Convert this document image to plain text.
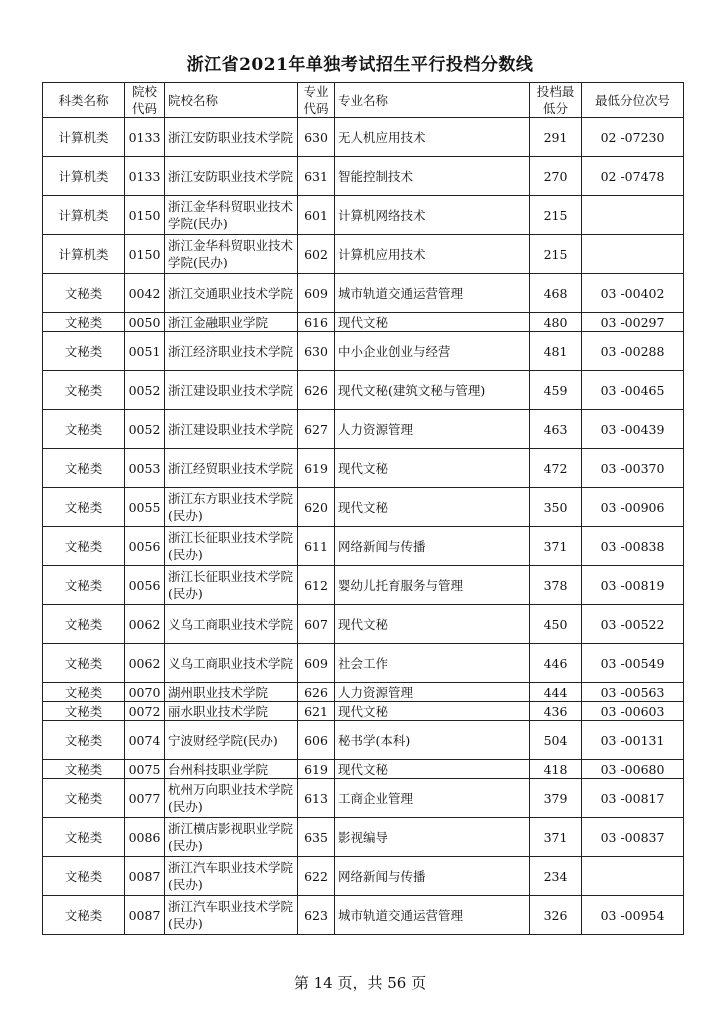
浙江省2021年单独考试招生平行投档分数线
科类名称	院校代码	院校名称	专业代码	专业名称	投档最低分	最低分位次号
计算机类	0133	浙江安防职业技术学院	630	无人机应用技术	291	02 -07230
计算机类	0133	浙江安防职业技术学院	631	智能控制技术	270	02 -07478
计算机类	0150	浙江金华科贸职业技术学院(民办)	601	计算机网络技术	215	
计算机类	0150	浙江金华科贸职业技术学院(民办)	602	计算机应用技术	215	
文秘类	0042	浙江交通职业技术学院	609	城市轨道交通运营管理	468	03 -00402
文秘类	0050	浙江金融职业学院	616	现代文秘	480	03 -00297
文秘类	0051	浙江经济职业技术学院	630	中小企业创业与经营	481	03 -00288
文秘类	0052	浙江建设职业技术学院	626	现代文秘(建筑文秘与管理)	459	03 -00465
文秘类	0052	浙江建设职业技术学院	627	人力资源管理	463	03 -00439
文秘类	0053	浙江经贸职业技术学院	619	现代文秘	472	03 -00370
文秘类	0055	浙江东方职业技术学院(民办)	620	现代文秘	350	03 -00906
文秘类	0056	浙江长征职业技术学院(民办)	611	网络新闻与传播	371	03 -00838
文秘类	0056	浙江长征职业技术学院(民办)	612	婴幼儿托育服务与管理	378	03 -00819
文秘类	0062	义乌工商职业技术学院	607	现代文秘	450	03 -00522
文秘类	0062	义乌工商职业技术学院	609	社会工作	446	03 -00549
文秘类	0070	湖州职业技术学院	626	人力资源管理	444	03 -00563
文秘类	0072	丽水职业技术学院	621	现代文秘	436	03 -00603
文秘类	0074	宁波财经学院(民办)	606	秘书学(本科)	504	03 -00131
文秘类	0075	台州科技职业学院	619	现代文秘	418	03 -00680
文秘类	0077	杭州万向职业技术学院(民办)	613	工商企业管理	379	03 -00817
文秘类	0086	浙江横店影视职业学院(民办)	635	影视编导	371	03 -00837
文秘类	0087	浙江汽车职业技术学院(民办)	622	网络新闻与传播	234	
文秘类	0087	浙江汽车职业技术学院(民办)	623	城市轨道交通运营管理	326	03 -00954
第 14 页，共 56 页
